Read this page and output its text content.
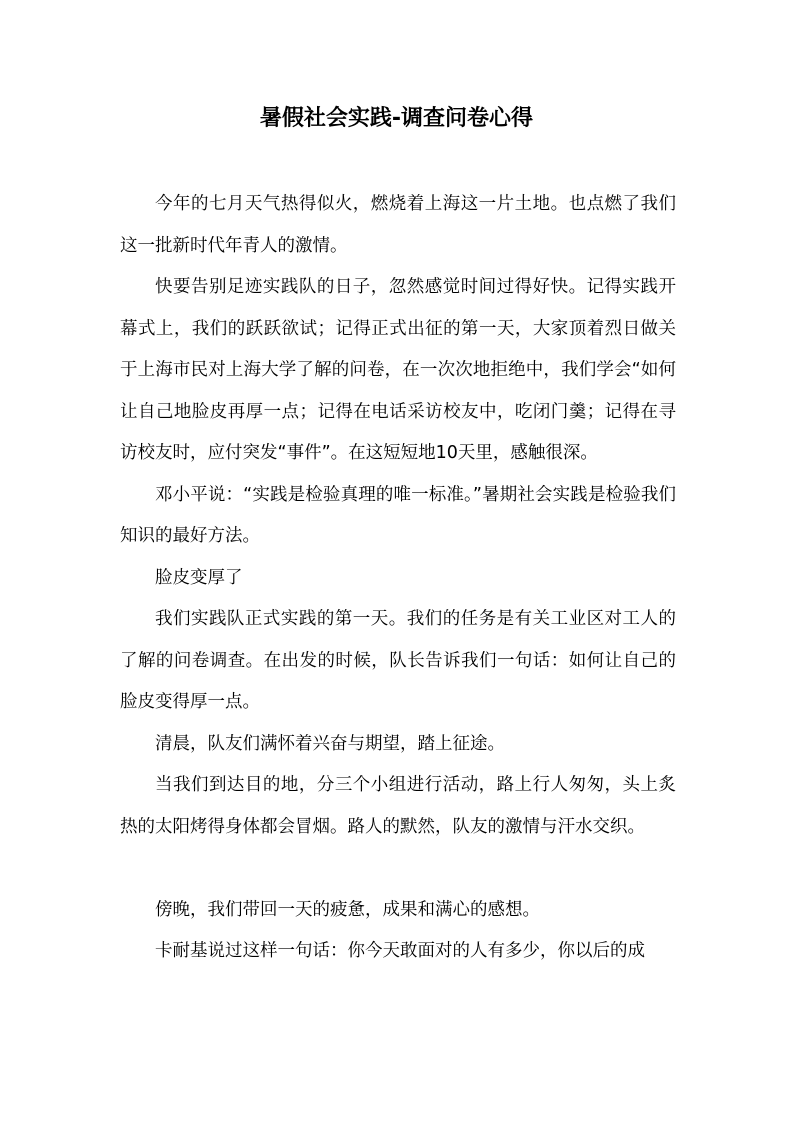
暑假社会实践-调查问卷心得

今年的七月天气热得似火，燃烧着上海这一片土地。也点燃了我们这一批新时代年青人的激情。

快要告别足迹实践队的日子，忽然感觉时间过得好快。记得实践开幕式上，我们的跃跃欲试；记得正式出征的第一天，大家顶着烈日做关于上海市民对上海大学了解的问卷，在一次次地拒绝中，我们学会“如何让自己地脸皮再厚一点；记得在电话采访校友中，吃闭门羹；记得在寻访校友时，应付突发“事件”。在这短短地10天里，感触很深。

邓小平说：“实践是检验真理的唯一标准。”暑期社会实践是检验我们知识的最好方法。

脸皮变厚了

我们实践队正式实践的第一天。我们的任务是有关工业区对工人的了解的问卷调查。在出发的时候，队长告诉我们一句话：如何让自己的脸皮变得厚一点。

清晨，队友们满怀着兴奋与期望，踏上征途。

当我们到达目的地，分三个小组进行活动，路上行人匆匆，头上炙热的太阳烤得身体都会冒烟。路人的默然，队友的激情与汗水交织。

傍晚，我们带回一天的疲惫，成果和满心的感想。

卡耐基说过这样一句话：你今天敢面对的人有多少，你以后的成
